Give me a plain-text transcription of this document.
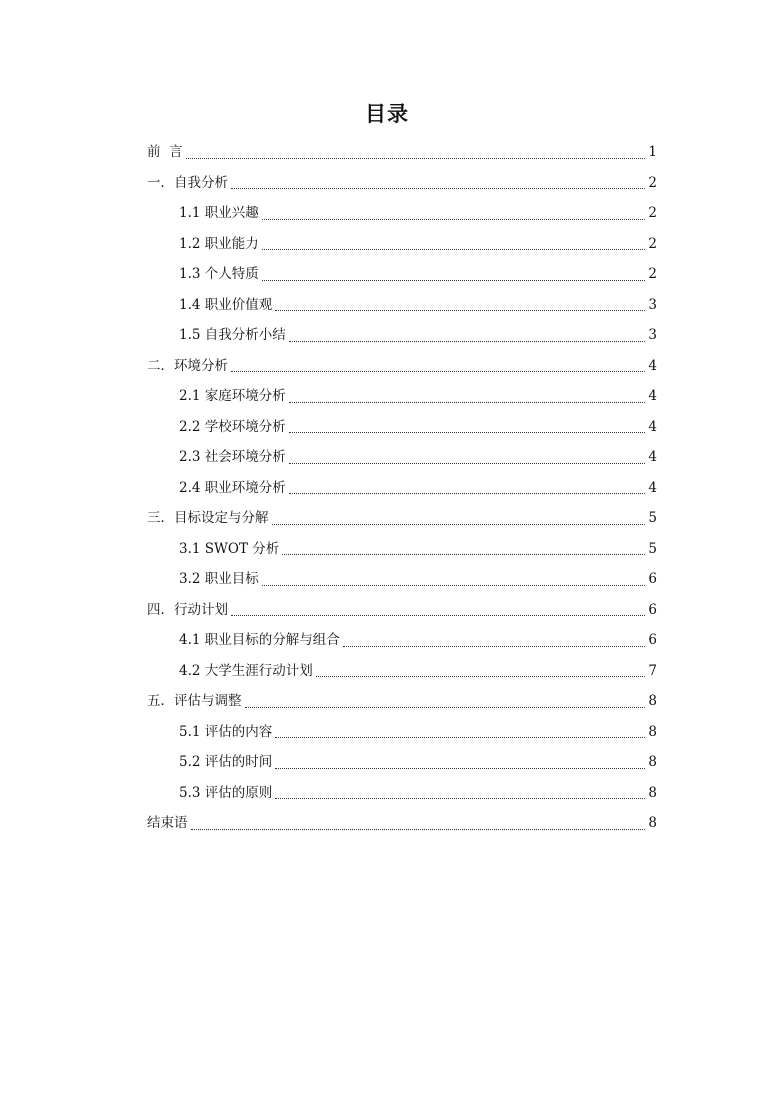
目录
前  言	1
一．自我分析	2
1.1 职业兴趣	2
1.2 职业能力	2
1.3 个人特质	2
1.4 职业价值观	3
1.5 自我分析小结	3
二．环境分析	4
2.1 家庭环境分析	4
2.2 学校环境分析	4
2.3 社会环境分析	4
2.4 职业环境分析	4
三．目标设定与分解	5
3.1 SWOT 分析	5
3.2 职业目标	6
四．行动计划	6
4.1 职业目标的分解与组合	6
4.2 大学生涯行动计划	7
五．评估与调整	8
5.1 评估的内容	8
5.2 评估的时间	8
5.3 评估的原则	8
结束语	8
